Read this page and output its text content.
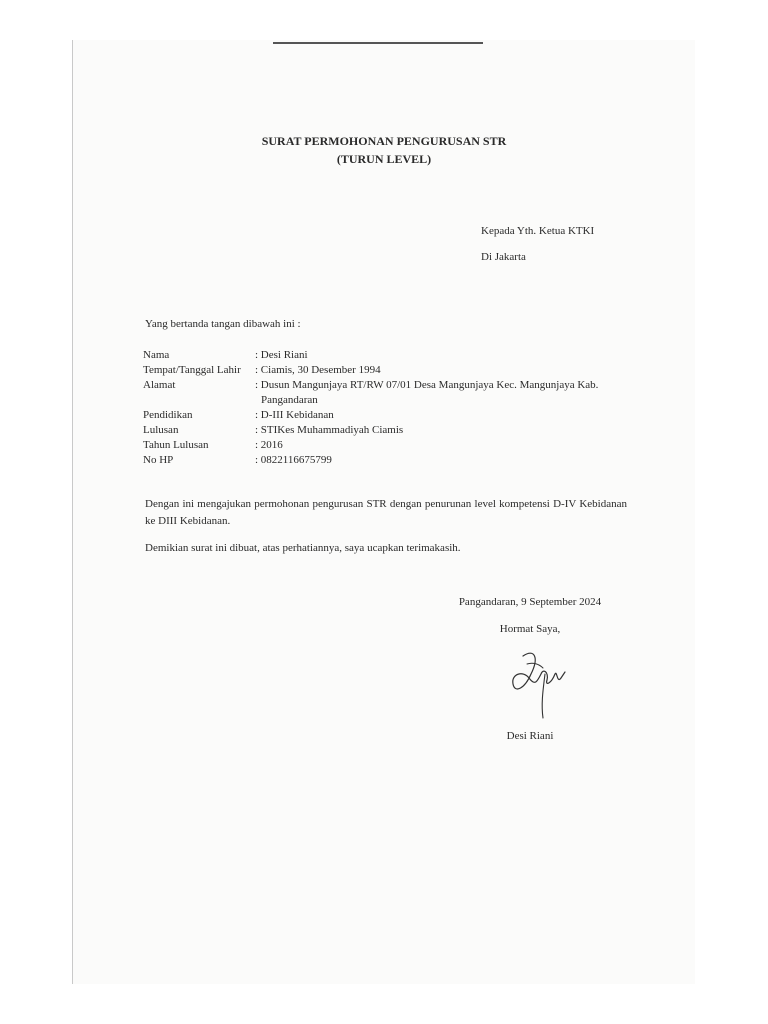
SURAT PERMOHONAN PENGURUSAN STR
(TURUN LEVEL)
Kepada Yth. Ketua KTKI
Di Jakarta
Yang bertanda tangan dibawah ini :
Nama	: Desi Riani
Tempat/Tanggal Lahir	: Ciamis, 30 Desember 1994
Alamat	: Dusun Mangunjaya RT/RW 07/01 Desa Mangunjaya Kec. Mangunjaya Kab.
Pangandaran

Pendidikan	: D-III Kebidanan
Lulusan	: STIKes Muhammadiyah Ciamis
Tahun Lulusan	: 2016
No HP	: 0822116675799
Dengan ini mengajukan permohonan pengurusan STR dengan penurunan level kompetensi D-IV Kebidanan ke DIII Kebidanan.
Demikian surat ini dibuat, atas perhatiannya, saya ucapkan terimakasih.
Pangandaran, 9 September 2024
Hormat Saya,
Desi Riani
